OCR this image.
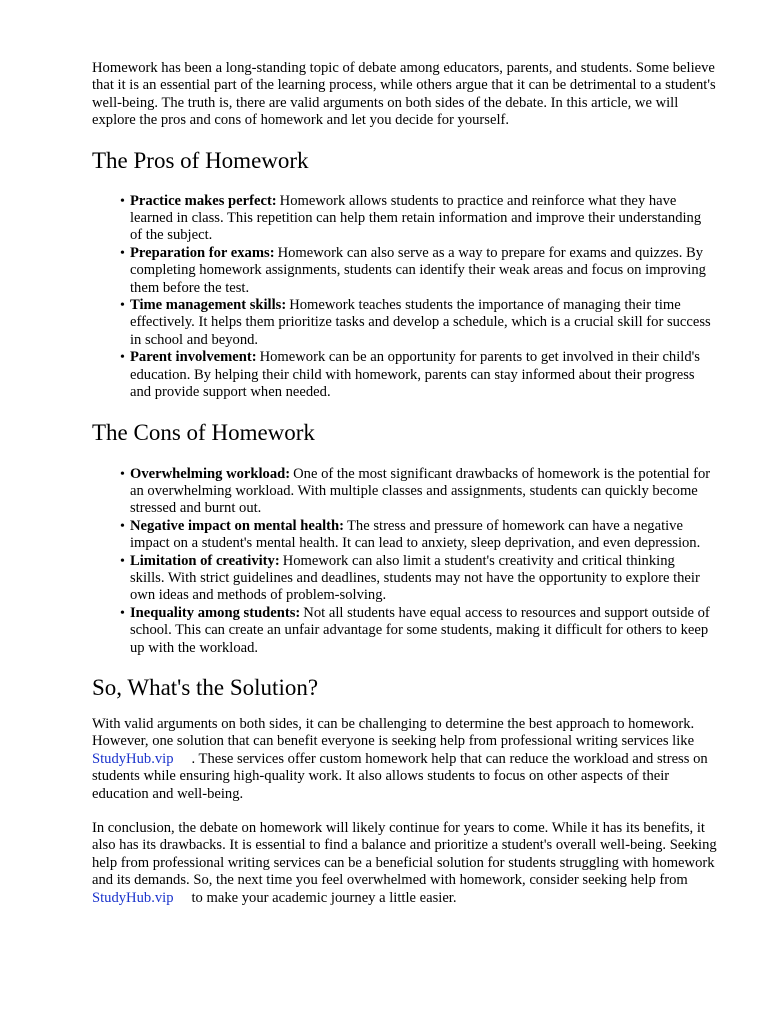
Homework has been a long-standing topic of debate among educators, parents, and students. Some believe that it is an essential part of the learning process, while others argue that it can be detrimental to a student's well-being. The truth is, there are valid arguments on both sides of the debate. In this article, we will explore the pros and cons of homework and let you decide for yourself.

The Pros of Homework
• Practice makes perfect: Homework allows students to practice and reinforce what they have learned in class. This repetition can help them retain information and improve their understanding of the subject.
• Preparation for exams: Homework can also serve as a way to prepare for exams and quizzes. By completing homework assignments, students can identify their weak areas and focus on improving them before the test.
• Time management skills: Homework teaches students the importance of managing their time effectively. It helps them prioritize tasks and develop a schedule, which is a crucial skill for success in school and beyond.
• Parent involvement: Homework can be an opportunity for parents to get involved in their child's education. By helping their child with homework, parents can stay informed about their progress and provide support when needed.
The Cons of Homework
• Overwhelming workload: One of the most significant drawbacks of homework is the potential for an overwhelming workload. With multiple classes and assignments, students can quickly become stressed and burnt out.
• Negative impact on mental health: The stress and pressure of homework can have a negative impact on a student's mental health. It can lead to anxiety, sleep deprivation, and even depression.
• Limitation of creativity: Homework can also limit a student's creativity and critical thinking skills. With strict guidelines and deadlines, students may not have the opportunity to explore their own ideas and methods of problem-solving.
• Inequality among students: Not all students have equal access to resources and support outside of school. This can create an unfair advantage for some students, making it difficult for others to keep up with the workload.
So, What's the Solution?

With valid arguments on both sides, it can be challenging to determine the best approach to homework. However, one solution that can benefit everyone is seeking help from professional writing services likeStudyHub.vip . These services offer custom homework help that can reduce the workload and stress on students while ensuring high-quality work. It also allows students to focus on other aspects of their education and well-being.

In conclusion, the debate on homework will likely continue for years to come. While it has its benefits, it also has its drawbacks. It is essential to find a balance and prioritize a student's overall well-being. Seeking help from professional writing services can be a beneficial solution for students struggling with homework and its demands. So, the next time you feel overwhelmed with homework, consider seeking help fromStudyHub.vip to make your academic journey a little easier.
